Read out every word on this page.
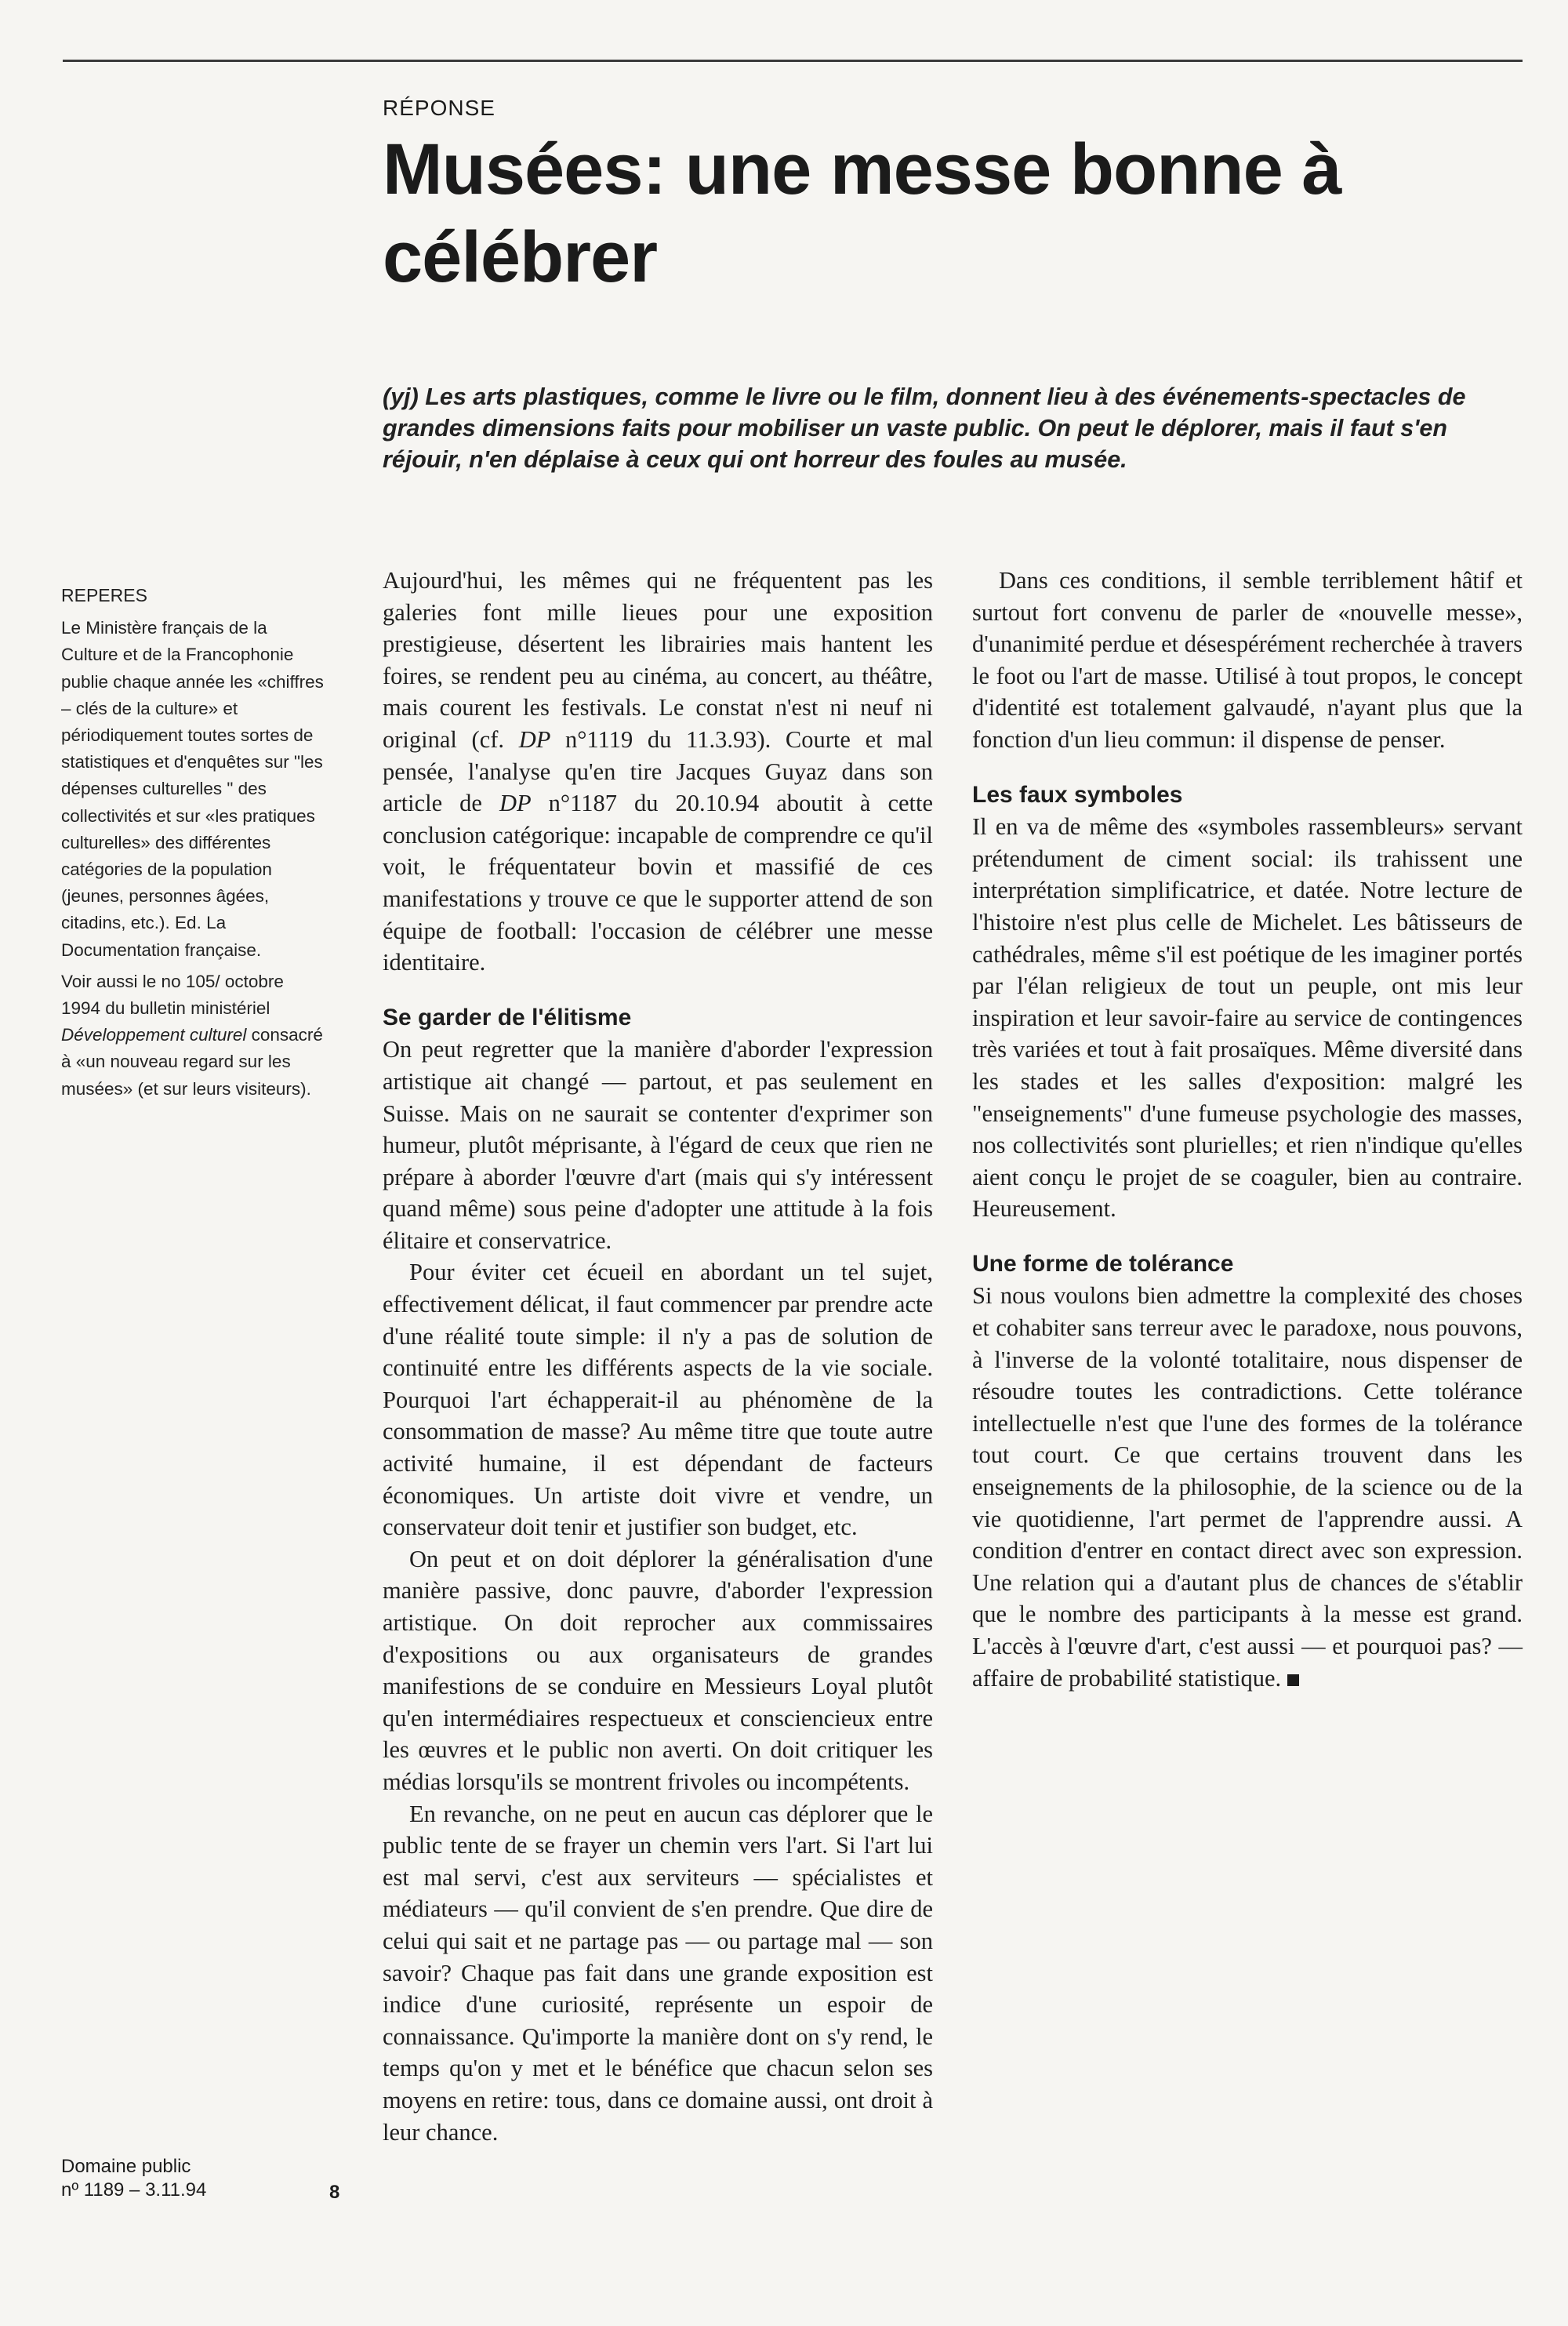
RÉPONSE
Musées: une messe bonne à célébrer
(yj) Les arts plastiques, comme le livre ou le film, donnent lieu à des événements-spectacles de grandes dimensions faits pour mobiliser un vaste public. On peut le déplorer, mais il faut s'en réjouir, n'en déplaise à ceux qui ont horreur des foules au musée.
REPERES

Le Ministère français de la Culture et de la Francophonie publie chaque année les «chiffres – clés de la culture» et périodiquement toutes sortes de statistiques et d'enquêtes sur "les dépenses culturelles " des collectivités et sur «les pratiques culturelles» des différentes catégories de la population (jeunes, personnes âgées, citadins, etc.). Ed. La Documentation française.

Voir aussi le no 105/ octobre 1994 du bulletin ministériel Développement culturel consacré à «un nouveau regard sur les musées» (et sur leurs visiteurs).

Domaine public
nº 1189 – 3.11.94	8

Aujourd'hui, les mêmes qui ne fréquentent pas les galeries font mille lieues pour une exposition prestigieuse, désertent les librairies mais hantent les foires, se rendent peu au cinéma, au concert, au théâtre, mais courent les festivals. Le constat n'est ni neuf ni original (cf. DP n°1119 du 11.3.93). Courte et mal pensée, l'analyse qu'en tire Jacques Guyaz dans son article de DP n°1187 du 20.10.94 aboutit à cette conclusion catégorique: incapable de comprendre ce qu'il voit, le fréquentateur bovin et massifié de ces manifestations y trouve ce que le supporter attend de son équipe de football: l'occasion de célébrer une messe identitaire.

Se garder de l'élitisme

On peut regretter que la manière d'aborder l'expression artistique ait changé — partout, et pas seulement en Suisse. Mais on ne saurait se contenter d'exprimer son humeur, plutôt méprisante, à l'égard de ceux que rien ne prépare à aborder l'œuvre d'art (mais qui s'y intéressent quand même) sous peine d'adopter une attitude à la fois élitaire et conservatrice.

Pour éviter cet écueil en abordant un tel sujet, effectivement délicat, il faut commencer par prendre acte d'une réalité toute simple: il n'y a pas de solution de continuité entre les différents aspects de la vie sociale. Pourquoi l'art échapperait-il au phénomène de la consommation de masse? Au même titre que toute autre activité humaine, il est dépendant de facteurs économiques. Un artiste doit vivre et vendre, un conservateur doit tenir et justifier son budget, etc.

On peut et on doit déplorer la généralisation d'une manière passive, donc pauvre, d'aborder l'expression artistique. On doit reprocher aux commissaires d'expositions ou aux organisateurs de grandes manifestions de se conduire en Messieurs Loyal plutôt qu'en intermédiaires respectueux et consciencieux entre les œuvres et le public non averti. On doit critiquer les médias lorsqu'ils se montrent frivoles ou incompétents.

En revanche, on ne peut en aucun cas déplorer que le public tente de se frayer un chemin vers l'art. Si l'art lui est mal servi, c'est aux serviteurs — spécialistes et médiateurs — qu'il convient de s'en prendre. Que dire de celui qui sait et ne partage pas — ou partage mal — son savoir? Chaque pas fait dans une grande exposition est indice d'une curiosité, représente un espoir de connaissance. Qu'importe la manière dont on s'y rend, le temps qu'on y met et le bénéfice que chacun selon ses moyens en retire: tous, dans ce domaine aussi, ont droit à leur chance.

Dans ces conditions, il semble terriblement hâtif et surtout fort convenu de parler de «nouvelle messe», d'unanimité perdue et désespérément recherchée à travers le foot ou l'art de masse. Utilisé à tout propos, le concept d'identité est totalement galvaudé, n'ayant plus que la fonction d'un lieu commun: il dispense de penser.

Les faux symboles

Il en va de même des «symboles rassembleurs» servant prétendument de ciment social: ils trahissent une interprétation simplificatrice, et datée. Notre lecture de l'histoire n'est plus celle de Michelet. Les bâtisseurs de cathédrales, même s'il est poétique de les imaginer portés par l'élan religieux de tout un peuple, ont mis leur inspiration et leur savoir-faire au service de contingences très variées et tout à fait prosaïques. Même diversité dans les stades et les salles d'exposition: malgré les "enseignements" d'une fumeuse psychologie des masses, nos collectivités sont plurielles; et rien n'indique qu'elles aient conçu le projet de se coaguler, bien au contraire. Heureusement.

Une forme de tolérance

Si nous voulons bien admettre la complexité des choses et cohabiter sans terreur avec le paradoxe, nous pouvons, à l'inverse de la volonté totalitaire, nous dispenser de résoudre toutes les contradictions. Cette tolérance intellectuelle n'est que l'une des formes de la tolérance tout court. Ce que certains trouvent dans les enseignements de la philosophie, de la science ou de la vie quotidienne, l'art permet de l'apprendre aussi. A condition d'entrer en contact direct avec son expression. Une relation qui a d'autant plus de chances de s'établir que le nombre des participants à la messe est grand. L'accès à l'œuvre d'art, c'est aussi — et pourquoi pas? — affaire de probabilité statistique.
